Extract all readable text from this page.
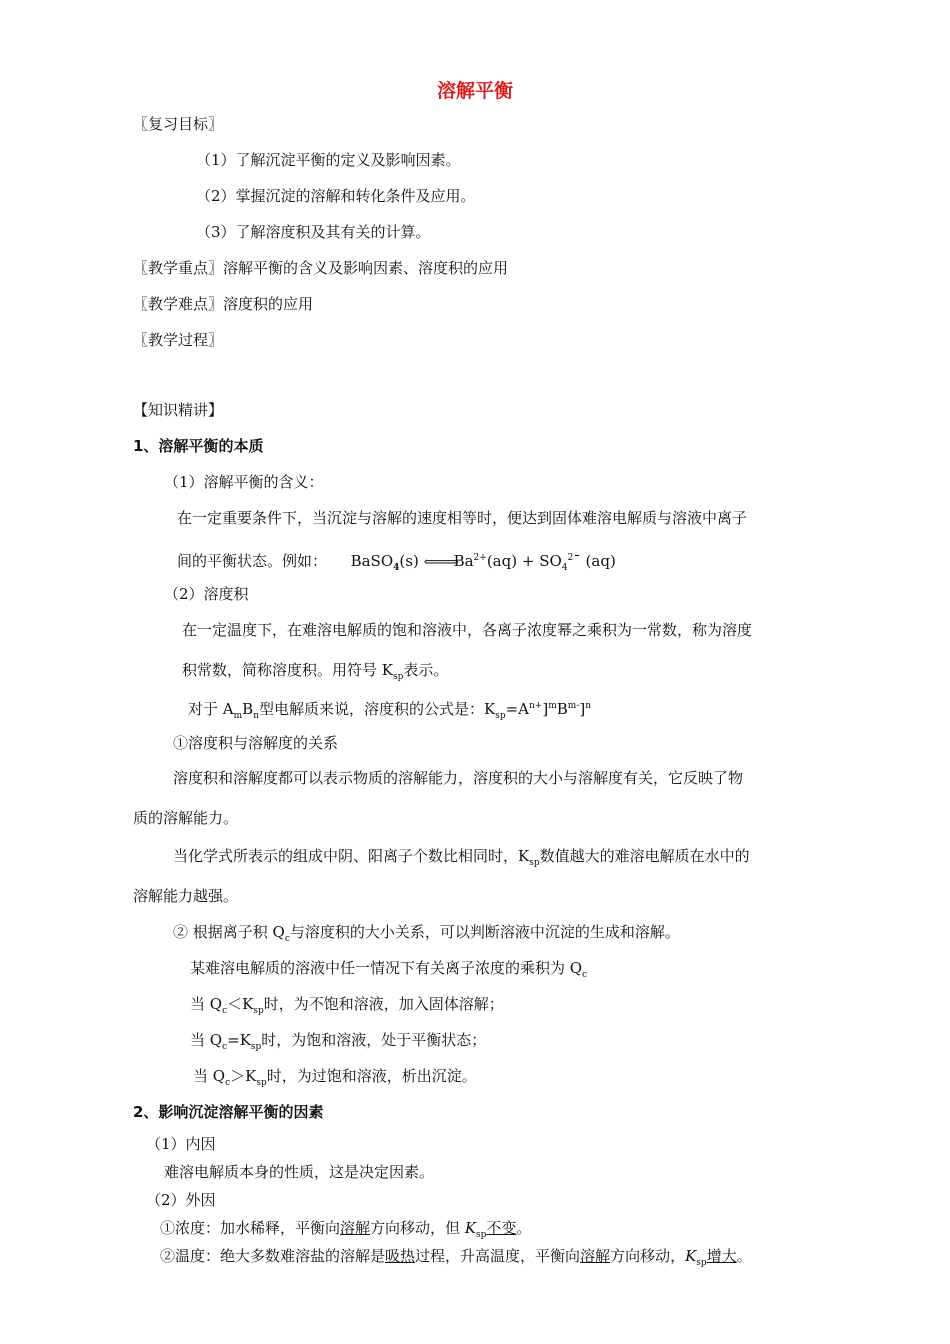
溶解平衡
〖复习目标〗
（1）了解沉淀平衡的定义及影响因素。
（2）掌握沉淀的溶解和转化条件及应用。
（3）了解溶度积及其有关的计算。
〖教学重点〗溶解平衡的含义及影响因素、溶度积的应用
〖教学难点〗溶度积的应用
〖教学过程〗
【知识精讲】
1、溶解平衡的本质
（1）溶解平衡的含义：
在一定重要条件下，当沉淀与溶解的速度相等时，便达到固体难溶电解质与溶液中离子
间的平衡状态。例如： BaSO$_4$(s) $⟸⟹Ba^{2+}(aq)$ + $SO_4^2¯$ (aq)
（2）溶度积
在一定温度下，在难溶电解质的饱和溶液中，各离子浓度幂之乘积为一常数，称为溶度
积常数，简称溶度积。用符号 $K_{sp}$表示。
对于 $A_mB_n$型电解质来说，溶度积的公式是：$K_{sp}=A^{n+}]^mB^{m-}]^n$
①溶度积与溶解度的关系
溶度积和溶解度都可以表示物质的溶解能力，溶度积的大小与溶解度有关，它反映了物
质的溶解能力。
当化学式所表示的组成中阴、阳离子个数比相同时，$K_{sp}$数值越大的难溶电解质在水中的
溶解能力越强。
② 根据离子积 $Q_c$与溶度积的大小关系，可以判断溶液中沉淀的生成和溶解。
某难溶电解质的溶液中任一情况下有关离子浓度的乘积为 $Q_c$
当 $Q_c<K_{sp}$时，为不饱和溶液，加入固体溶解；
当 $Q_c=K_{sp}$时，为饱和溶液，处于平衡状态；
当 $Q_c>K_{sp}$时，为过饱和溶液，析出沉淀。
2、影响沉淀溶解平衡的因素
（1）内因
难溶电解质本身的性质，这是决定因素。
（2）外因
①浓度：加水稀释，平衡向溶解方向移动，但 $K_{sp}$不变。
②温度：绝大多数难溶盐的溶解是吸热过程，升高温度，平衡向溶解方向移动，$K_{sp}$增大。
